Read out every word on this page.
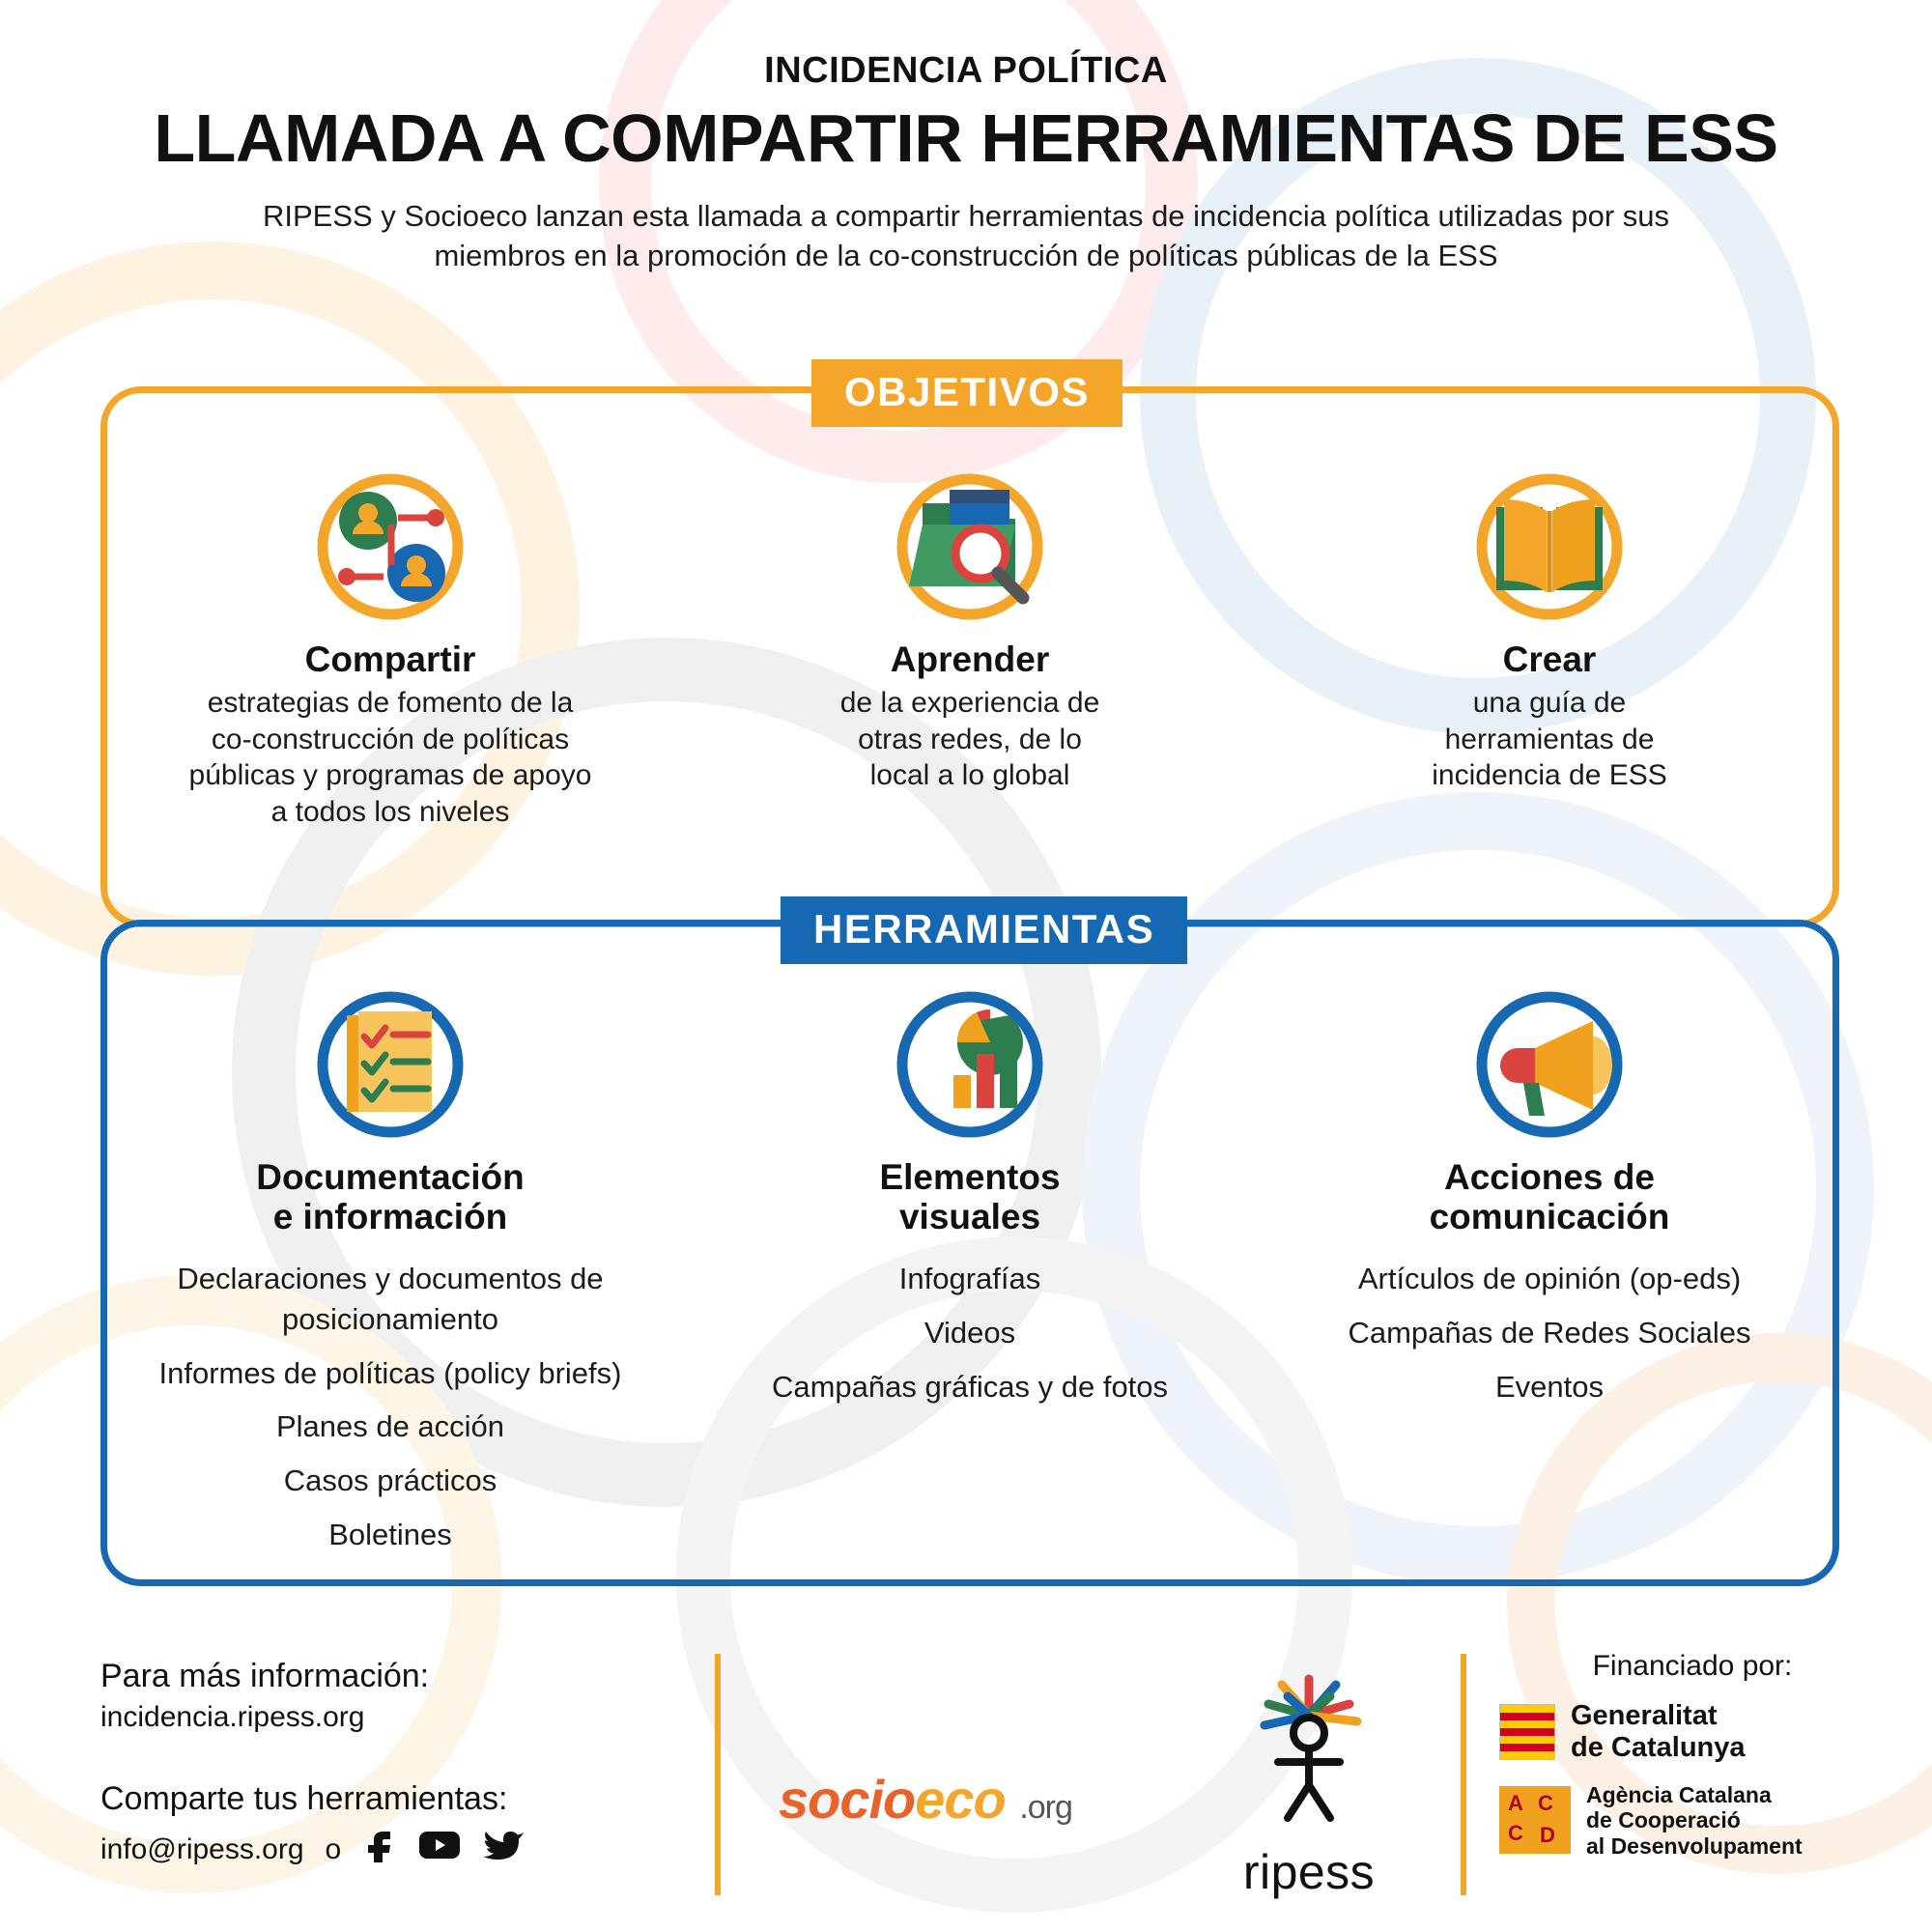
INCIDENCIA POLÍTICA
LLAMADA A COMPARTIR HERRAMIENTAS DE ESS
RIPESS y Socioeco lanzan esta llamada a compartir herramientas de incidencia política utilizadas por sus miembros en la promoción de la co-construcción de políticas públicas de la ESS
OBJETIVOS
Compartir
estrategias de fomento de la
co-construcción de políticas
públicas y programas de apoyo
a todos los niveles
Aprender
de la experiencia de
otras redes, de lo
local a lo global
Crear
una guía de
herramientas de
incidencia de ESS
HERRAMIENTAS
Documentación
e información
Declaraciones y documentos de posicionamiento
Informes de políticas (policy briefs)
Planes de acción
Casos prácticos
Boletines
Elementos
visuales
Infografías
Videos
Campañas gráficas y de fotos
Acciones de
comunicación
Artículos de opinión (op-eds)
Campañas de Redes Sociales
Eventos
Para más información:
incidencia.ripess.org
Comparte tus herramientas:
info@ripess.org o
socioeco .org
ripess
Financiado por:
Generalitat
de Catalunya
A C
C D
Agència Catalana
de Cooperació
al Desenvolupament
